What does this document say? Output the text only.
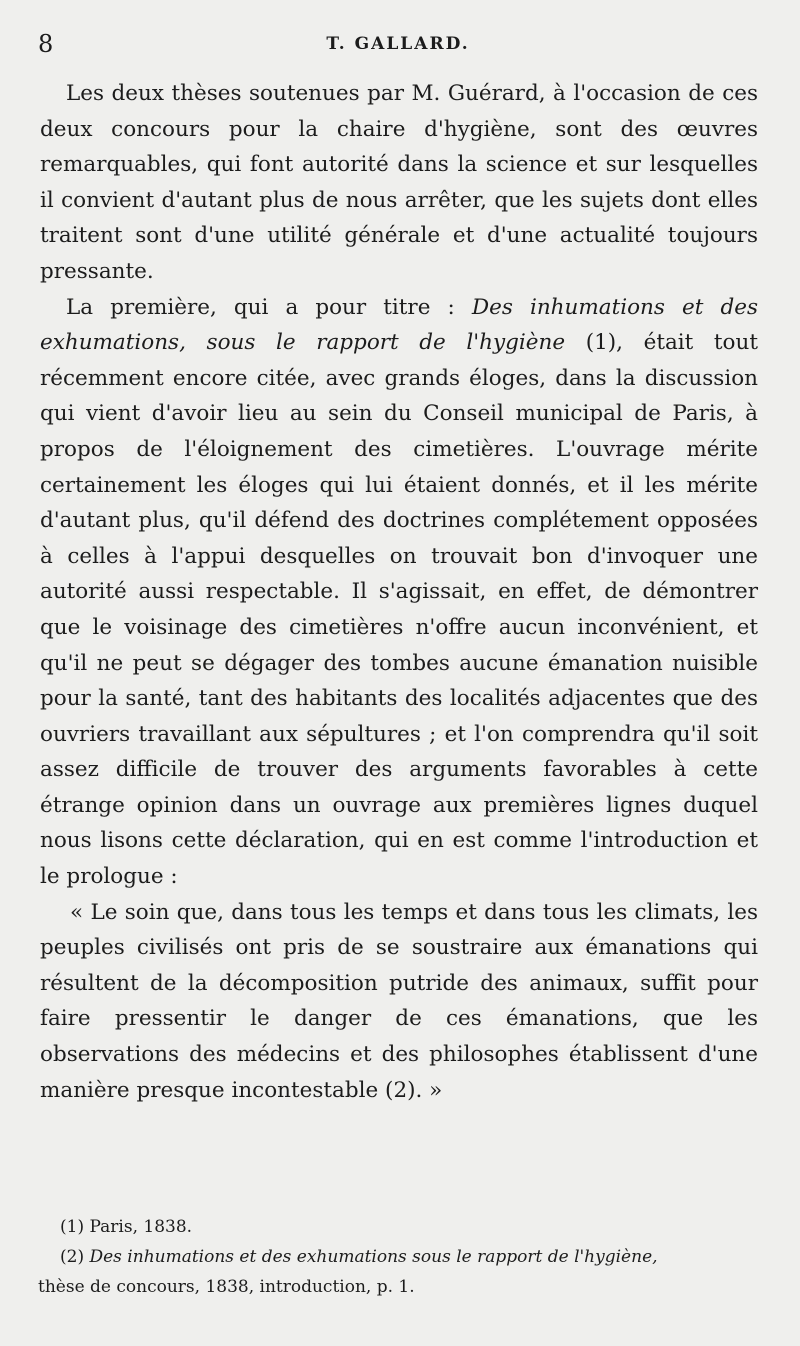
8	T. GALLARD.

Les deux thèses soutenues par M. Guérard, à l'occasion de ces deux concours pour la chaire d'hygiène, sont des œuvres remarquables, qui font autorité dans la science et sur lesquelles il convient d'autant plus de nous arrêter, que les sujets dont elles traitent sont d'une utilité générale et d'une actualité toujours pressante.

La première, qui a pour titre : Des inhumations et des exhumations, sous le rapport de l'hygiène (1), était tout récemment encore citée, avec grands éloges, dans la discussion qui vient d'avoir lieu au sein du Conseil municipal de Paris, à propos de l'éloignement des cimetières. L'ouvrage mérite certainement les éloges qui lui étaient donnés, et il les mérite d'autant plus, qu'il défend des doctrines complétement opposées à celles à l'appui desquelles on trouvait bon d'invoquer une autorité aussi respectable. Il s'agissait, en effet, de démontrer que le voisinage des cimetières n'offre aucun inconvénient, et qu'il ne peut se dégager des tombes aucune émanation nuisible pour la santé, tant des habitants des localités adjacentes que des ouvriers travaillant aux sépultures ; et l'on comprendra qu'il soit assez difficile de trouver des arguments favorables à cette étrange opinion dans un ouvrage aux premières lignes duquel nous lisons cette déclaration, qui en est comme l'introduction et le prologue :

« Le soin que, dans tous les temps et dans tous les climats, les peuples civilisés ont pris de se soustraire aux émanations qui résultent de la décomposition putride des animaux, suffit pour faire pressentir le danger de ces émanations, que les observations des médecins et des philosophes établissent d'une manière presque incontestable (2). »

(1) Paris, 1838.

(2) Des inhumations et des exhumations sous le rapport de l'hygiène,

thèse de concours, 1838, introduction, p. 1.
